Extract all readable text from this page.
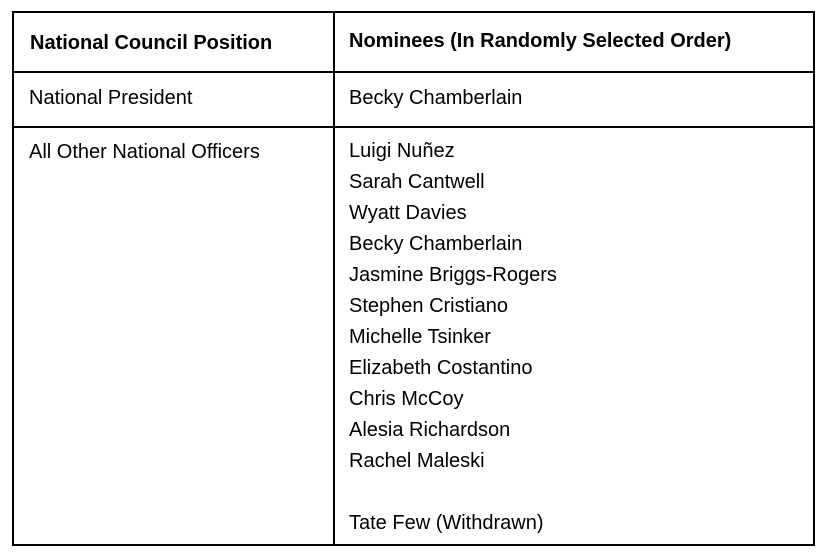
National Council Position	Nominees (In Randomly Selected Order)
National President	Becky Chamberlain
All Other National Officers	Luigi Nuñez
Sarah Cantwell
Wyatt Davies
Becky Chamberlain
Jasmine Briggs-Rogers
Stephen Cristiano
Michelle Tsinker
Elizabeth Costantino
Chris McCoy
Alesia Richardson
Rachel Maleski
Tate Few (Withdrawn)
